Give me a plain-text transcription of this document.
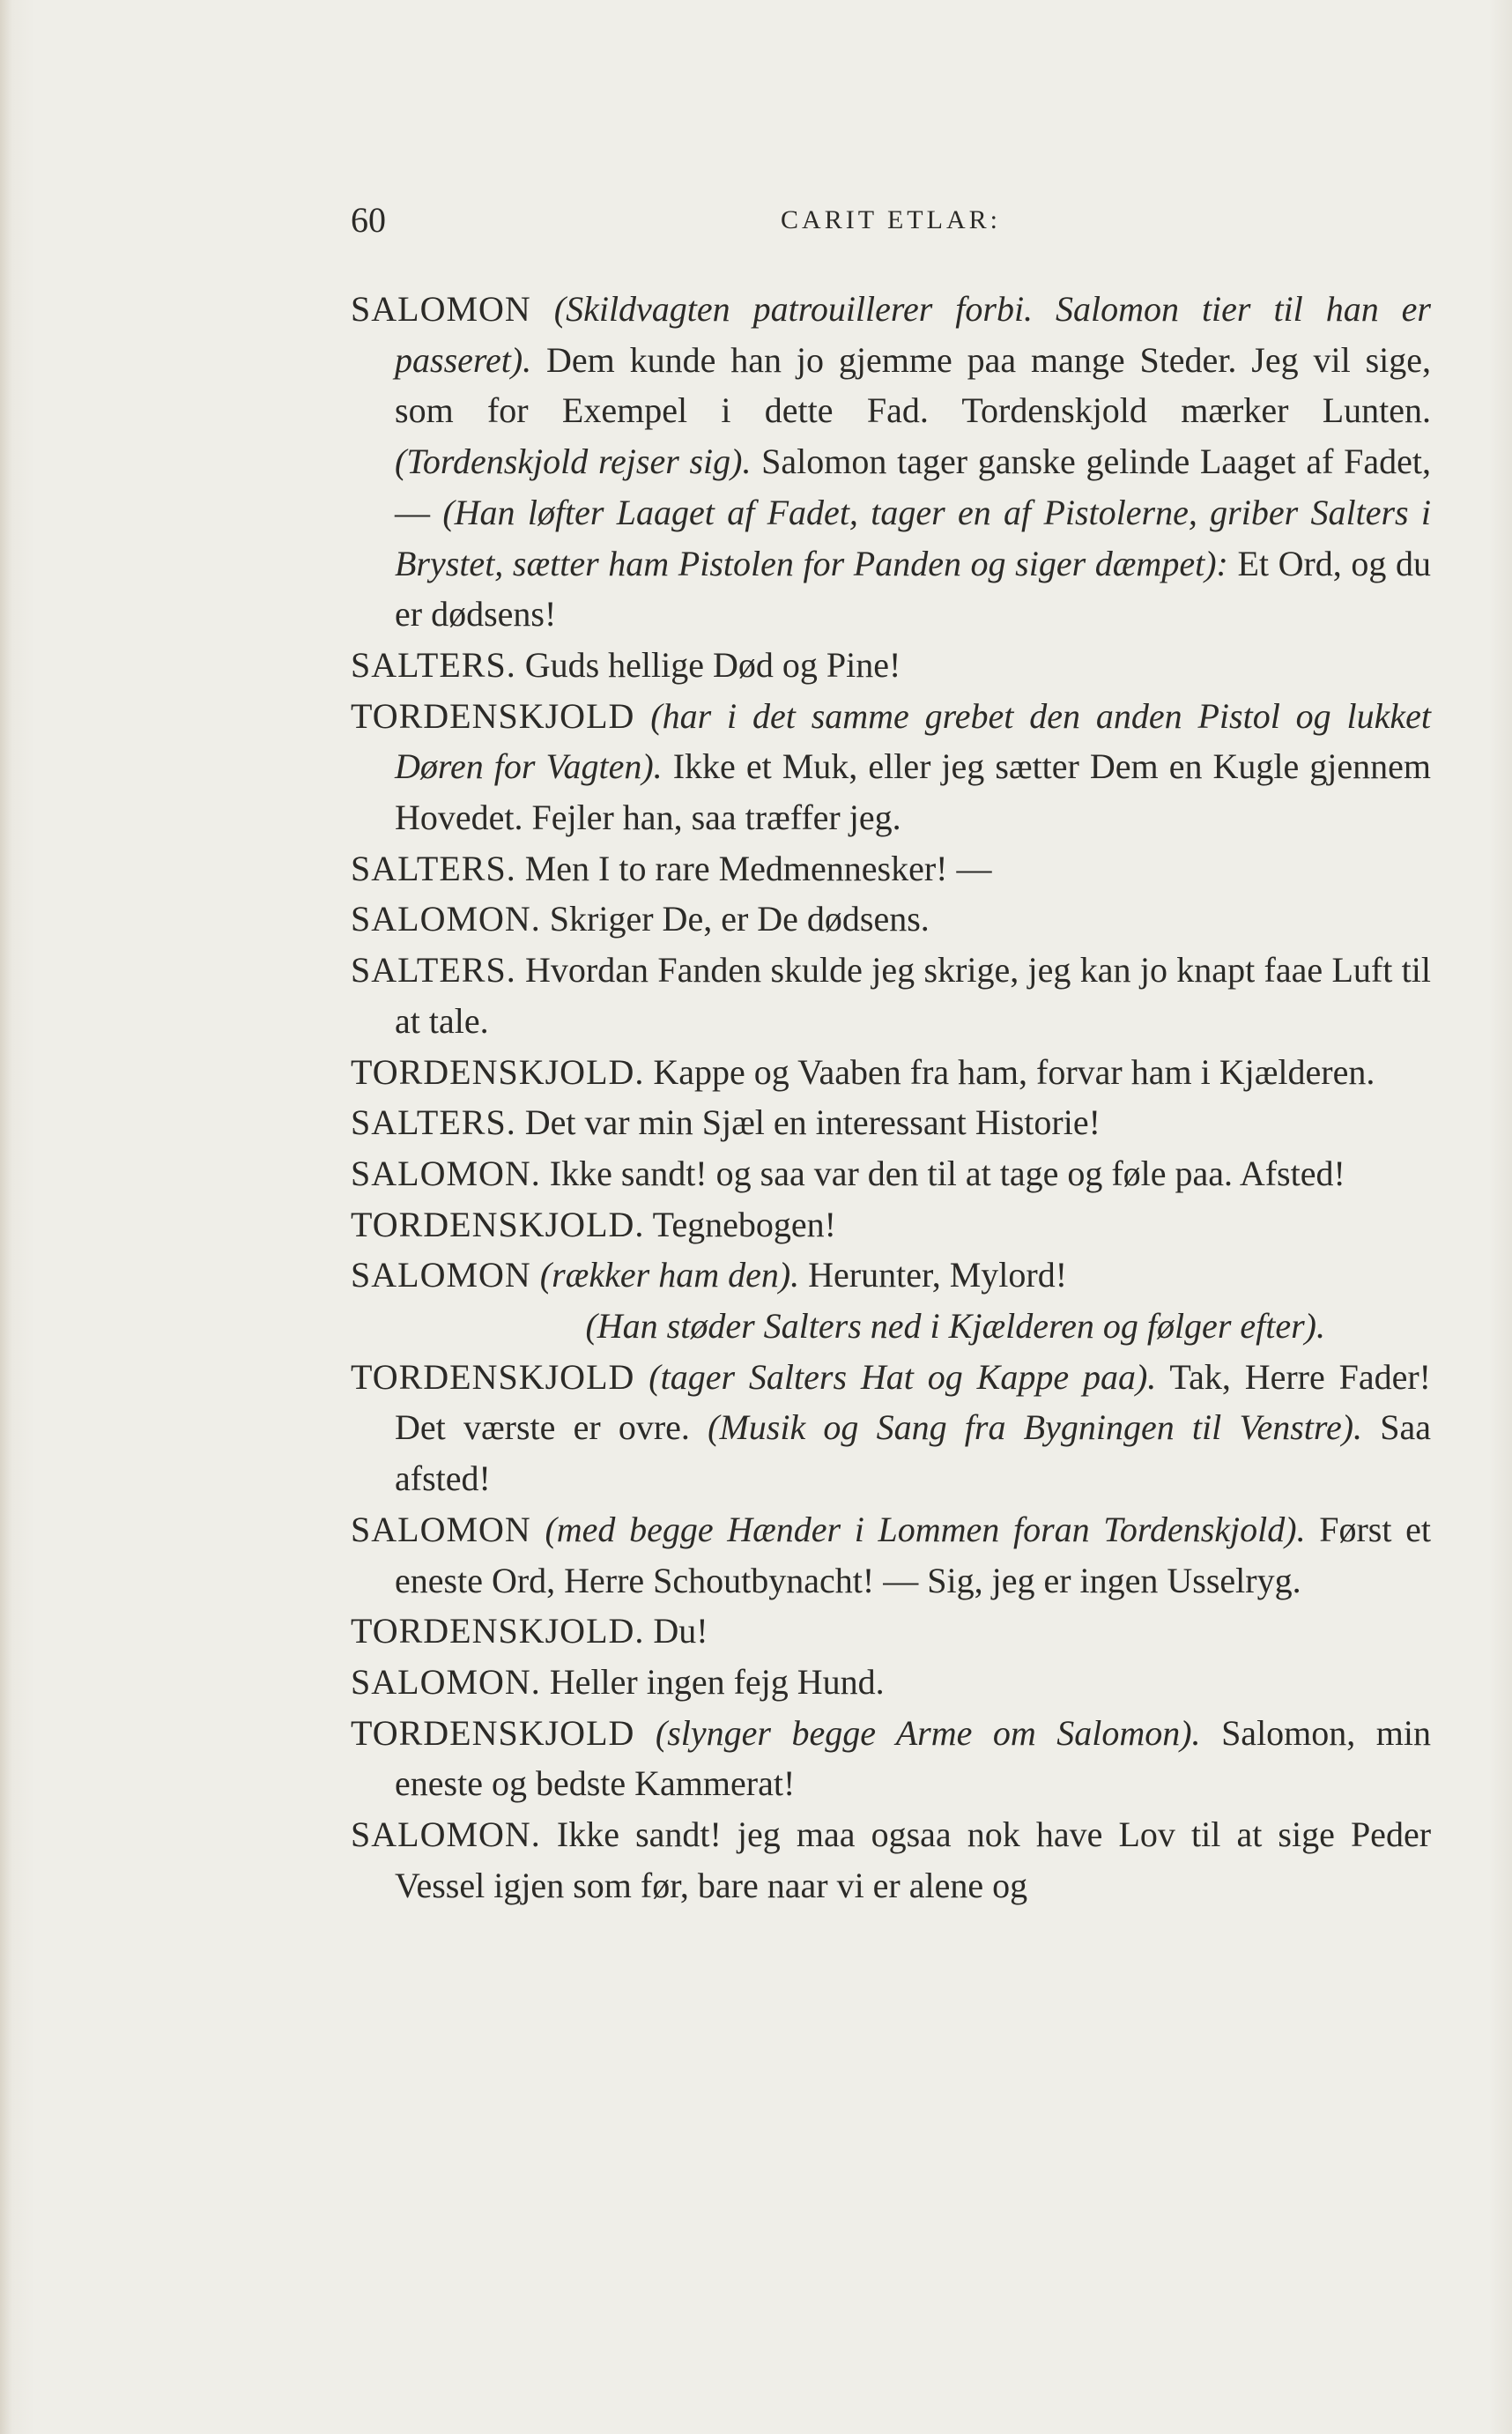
60	CARIT ETLAR:

SALOMON (Skildvagten patrouillerer forbi. Salomon tier til han er passeret). Dem kunde han jo gjemme paa mange Steder. Jeg vil sige, som for Exempel i dette Fad. Tordenskjold mærker Lunten. (Tordenskjold rejser sig). Salomon tager ganske gelinde Laaget af Fadet, — (Han løfter Laaget af Fadet, tager en af Pistolerne, griber Salters i Brystet, sætter ham Pistolen for Panden og siger dæmpet): Et Ord, og du er dødsens!

SALTERS. Guds hellige Død og Pine!

TORDENSKJOLD (har i det samme grebet den anden Pistol og lukket Døren for Vagten). Ikke et Muk, eller jeg sætter Dem en Kugle gjennem Hovedet. Fejler han, saa træffer jeg.

SALTERS. Men I to rare Medmennesker! —

SALOMON. Skriger De, er De dødsens.

SALTERS. Hvordan Fanden skulde jeg skrige, jeg kan jo knapt faae Luft til at tale.

TORDENSKJOLD. Kappe og Vaaben fra ham, forvar ham i Kjælderen.

SALTERS. Det var min Sjæl en interessant Historie!

SALOMON. Ikke sandt! og saa var den til at tage og føle paa. Afsted!

TORDENSKJOLD. Tegnebogen!

SALOMON (rækker ham den). Herunter, Mylord!

(Han støder Salters ned i Kjælderen og følger efter).

TORDENSKJOLD (tager Salters Hat og Kappe paa). Tak, Herre Fader! Det værste er ovre. (Musik og Sang fra Bygningen til Venstre). Saa afsted!

SALOMON (med begge Hænder i Lommen foran Tordenskjold). Først et eneste Ord, Herre Schoutbynacht! — Sig, jeg er ingen Usselryg.

TORDENSKJOLD. Du!

SALOMON. Heller ingen fejg Hund.

TORDENSKJOLD (slynger begge Arme om Salomon). Salomon, min eneste og bedste Kammerat!

SALOMON. Ikke sandt! jeg maa ogsaa nok have Lov til at sige Peder Vessel igjen som før, bare naar vi er alene og
